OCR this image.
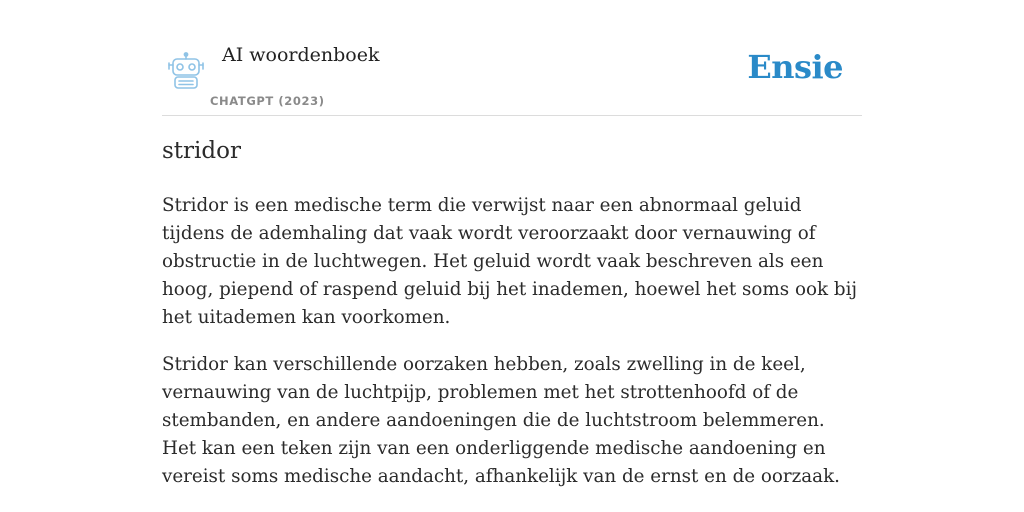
AI woordenboek
CHATGPT (2023)
Ensie
stridor

Stridor is een medische term die verwijst naar een abnormaal geluid tijdens de ademhaling dat vaak wordt veroorzaakt door vernauwing of obstructie in de luchtwegen. Het geluid wordt vaak beschreven als een hoog, piepend of raspend geluid bij het inademen, hoewel het soms ook bij het uitademen kan voorkomen.

Stridor kan verschillende oorzaken hebben, zoals zwelling in de keel, vernauwing van de luchtpijp, problemen met het strottenhoofd of de stembanden, en andere aandoeningen die de luchtstroom belemmeren. Het kan een teken zijn van een onderliggende medische aandoening en vereist soms medische aandacht, afhankelijk van de ernst en de oorzaak.
